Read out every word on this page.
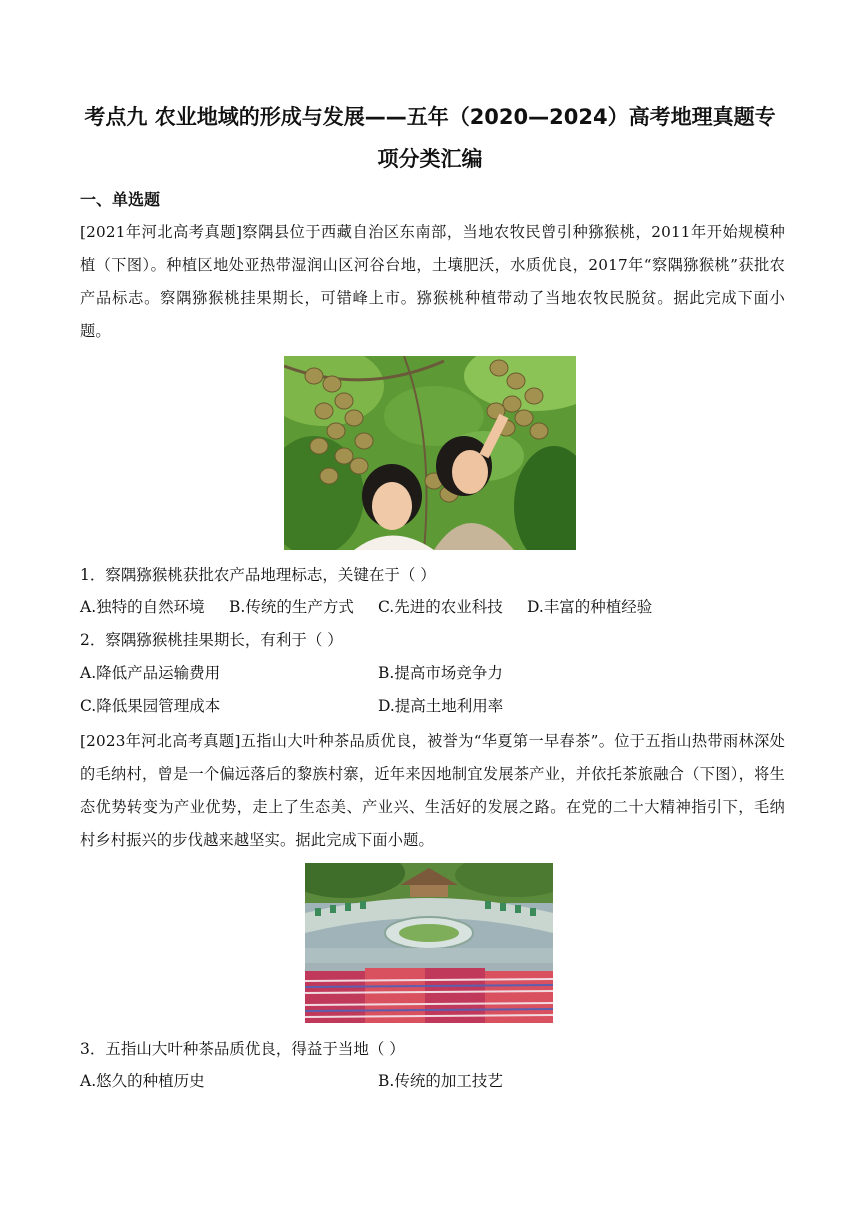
考点九 农业地域的形成与发展——五年（2020—2024）高考地理真题专
项分类汇编
一、单选题
[2021年河北高考真题]察隅县位于西藏自治区东南部，当地农牧民曾引种猕猴桃，2011年开始规模种植（下图）。种植区地处亚热带湿润山区河谷台地，土壤肥沃，水质优良，2017年“察隅猕猴桃”获批农产品标志。察隅猕猴桃挂果期长，可错峰上市。猕猴桃种植带动了当地农牧民脱贫。据此完成下面小题。
1．察隅猕猴桃获批农产品地理标志，关键在于（ ）
A.独特的自然环境 B.传统的生产方式 C.先进的农业科技 D.丰富的种植经验
2．察隅猕猴桃挂果期长，有利于（ ）
A.降低产品运输费用	B.提高市场竞争力
C.降低果园管理成本	D.提高土地利用率
[2023年河北高考真题]五指山大叶种茶品质优良，被誉为“华夏第一早春茶”。位于五指山热带雨林深处的毛纳村，曾是一个偏远落后的黎族村寨，近年来因地制宜发展茶产业，并依托茶旅融合（下图），将生态优势转变为产业优势，走上了生态美、产业兴、生活好的发展之路。在党的二十大精神指引下，毛纳村乡村振兴的步伐越来越坚实。据此完成下面小题。
3．五指山大叶种茶品质优良，得益于当地（ ）
A.悠久的种植历史	B.传统的加工技艺
